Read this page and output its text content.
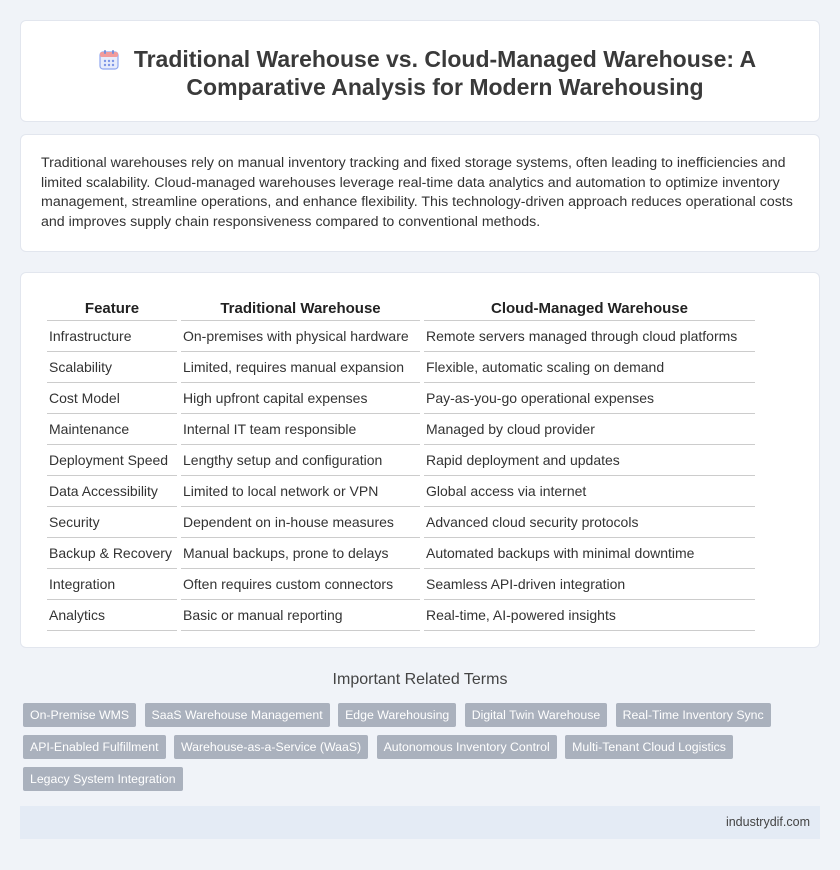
Traditional Warehouse vs. Cloud-Managed Warehouse: A Comparative Analysis for Modern Warehousing

Traditional warehouses rely on manual inventory tracking and fixed storage systems, often leading to inefficiencies and limited scalability. Cloud-managed warehouses leverage real-time data analytics and automation to optimize inventory management, streamline operations, and enhance flexibility. This technology-driven approach reduces operational costs and improves supply chain responsiveness compared to conventional methods.

Feature	Traditional Warehouse	Cloud-Managed Warehouse
Infrastructure	On-premises with physical hardware	Remote servers managed through cloud platforms
Scalability	Limited, requires manual expansion	Flexible, automatic scaling on demand
Cost Model	High upfront capital expenses	Pay-as-you-go operational expenses
Maintenance	Internal IT team responsible	Managed by cloud provider
Deployment Speed	Lengthy setup and configuration	Rapid deployment and updates
Data Accessibility	Limited to local network or VPN	Global access via internet
Security	Dependent on in-house measures	Advanced cloud security protocols
Backup & Recovery	Manual backups, prone to delays	Automated backups with minimal downtime
Integration	Often requires custom connectors	Seamless API-driven integration
Analytics	Basic or manual reporting	Real-time, AI-powered insights
Important Related Terms
On-Premise WMS SaaS Warehouse Management Edge Warehousing Digital Twin Warehouse Real-Time Inventory Sync API-Enabled Fulfillment Warehouse-as-a-Service (WaaS) Autonomous Inventory Control Multi-Tenant Cloud Logistics Legacy System Integration
industrydif.com
